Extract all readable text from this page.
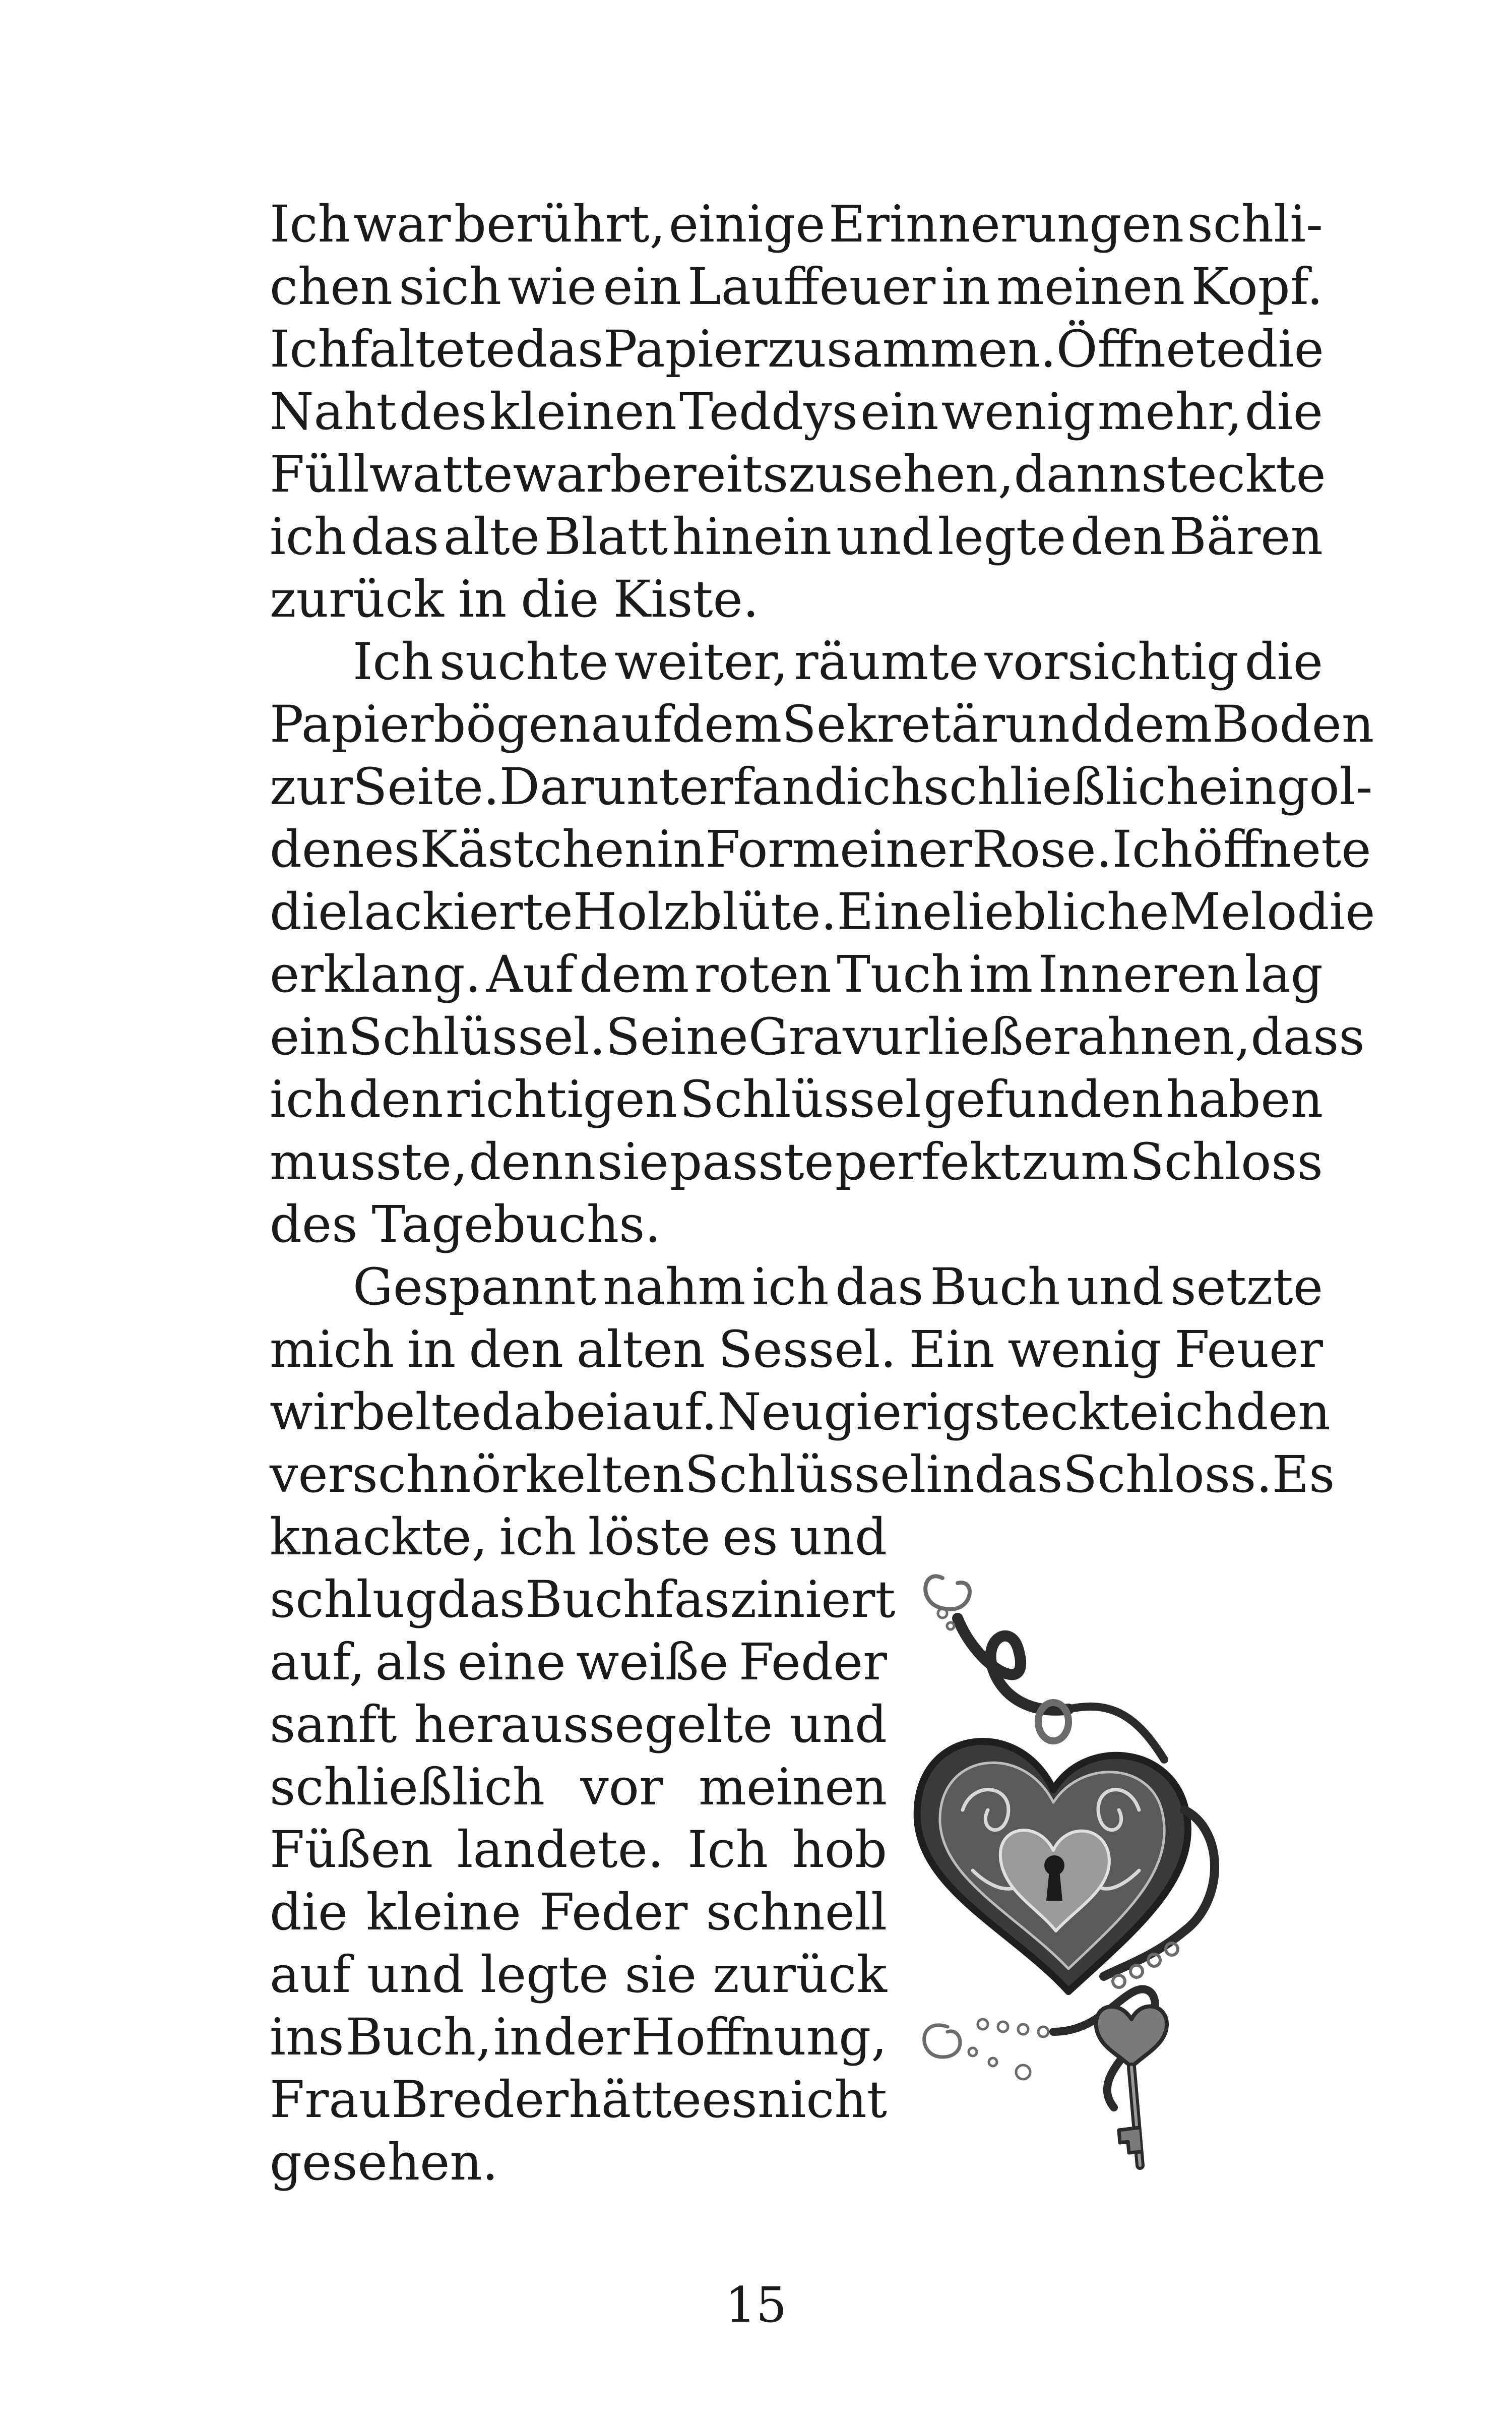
Ich war berührt, einige Erinnerungen schli-
chen sich wie ein Lauffeuer in meinen Kopf.
Ich faltete das Papier zusammen. Öffnete die
Naht des kleinen Teddys ein wenig mehr, die
Füllwatte war bereits zu sehen, dann steckte
ich das alte Blatt hinein und legte den Bären
zurück in die Kiste.
Ich suchte weiter, räumte vorsichtig die
Papierbögen auf dem Sekretär und dem Boden
zur Seite. Darunter fand ich schließlich ein gol-
denes Kästchen in Form einer Rose. Ich öffnete
die lackierte Holzblüte. Eine liebliche Melodie
erklang. Auf dem roten Tuch im Inneren lag
ein Schlüssel. Seine Gravur ließ erahnen, dass
ich den richtigen Schlüssel gefunden haben
musste, denn sie passte perfekt zum Schloss
des Tagebuchs.
Gespannt nahm ich das Buch und setzte
mich in den alten Sessel. Ein wenig Feuer
wirbelte dabei auf. Neugierig steckte ich den
verschnörkelten Schlüssel in das Schloss. Es
knackte, ich löste es und
schlug das Buch fasziniert
auf, als eine weiße Feder
sanft heraussegelte und
schließlich vor meinen
Füßen landete. Ich hob
die kleine Feder schnell
auf und legte sie zurück
ins Buch, in der Hoffnung,
Frau Breder hätte es nicht
gesehen.
15
